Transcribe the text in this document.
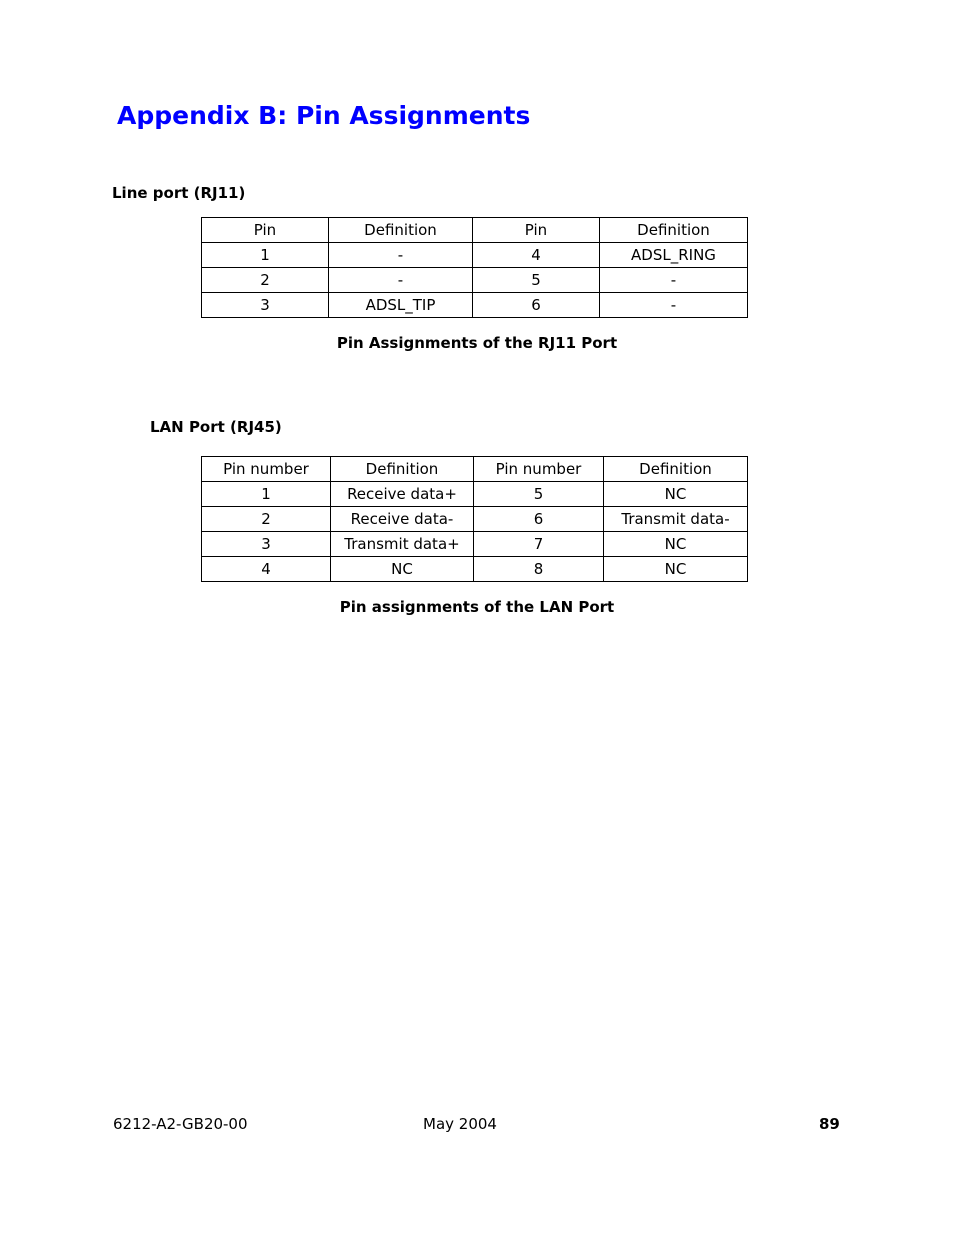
Appendix B: Pin Assignments
Line port (RJ11)
Pin	Definition	Pin	Definition
1	-	4	ADSL_RING
2	-	5	-
3	ADSL_TIP	6	-
Pin Assignments of the RJ11 Port
LAN Port (RJ45)
Pin number	Definition	Pin number	Definition
1	Receive data+	5	NC
2	Receive data-	6	Transmit data-
3	Transmit data+	7	NC
4	NC	8	NC
Pin assignments of the LAN Port
6212-A2-GB20-00	May 2004	89
